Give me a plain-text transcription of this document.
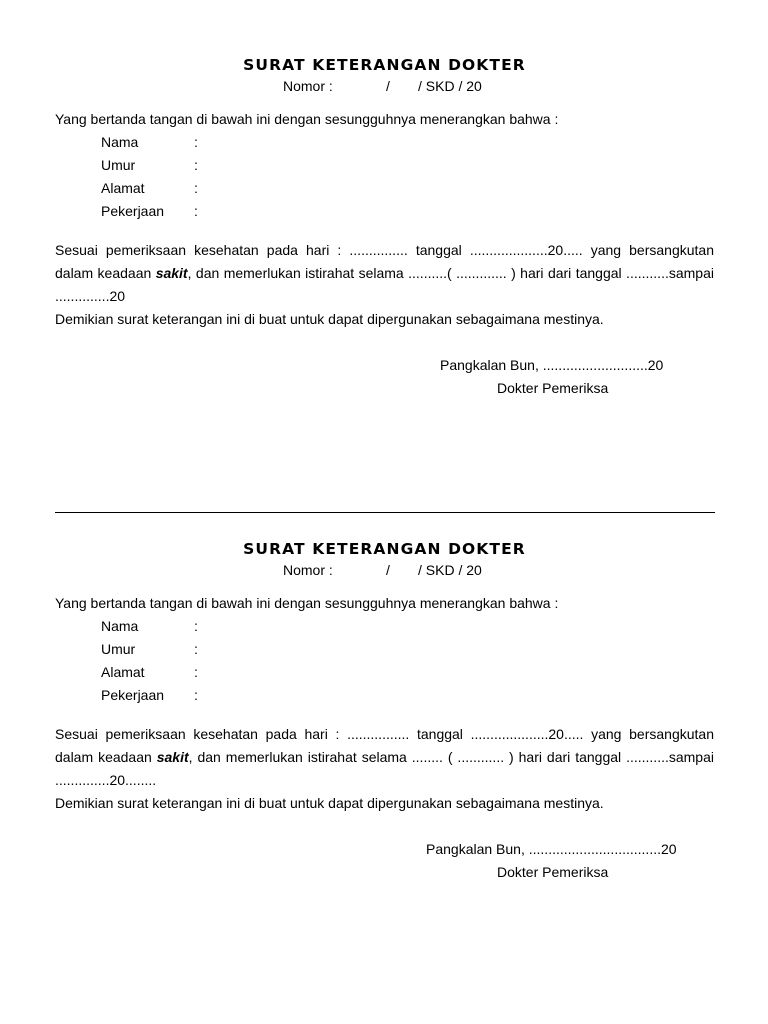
SURAT KETERANGAN DOKTER
Nomor :	/ / SKD / 20
Yang bertanda tangan di bawah ini dengan sesungguhnya menerangkan bahwa :
Nama	:
Umur	:
Alamat	:
Pekerjaan :
Sesuai pemeriksaan kesehatan pada hari : ............... tanggal ....................20..... yang bersangkutan dalam keadaan sakit, dan memerlukan istirahat selama ..........( ............. ) hari dari tanggal ...........sampai ..............20
Demikian surat keterangan ini di buat untuk dapat dipergunakan sebagaimana mestinya.
Pangkalan Bun, ...........................20
Dokter Pemeriksa
SURAT KETERANGAN DOKTER
Nomor :	/ / SKD / 20
Yang bertanda tangan di bawah ini dengan sesungguhnya menerangkan bahwa :
Nama	:
Umur	:
Alamat	:
Pekerjaan :
Sesuai pemeriksaan kesehatan pada hari : ................ tanggal ....................20..... yang bersangkutan dalam keadaan sakit, dan memerlukan istirahat selama ........ ( ............ ) hari dari tanggal ...........sampai ..............20........
Demikian surat keterangan ini di buat untuk dapat dipergunakan sebagaimana mestinya.
Pangkalan Bun, ..................................20
Dokter Pemeriksa
